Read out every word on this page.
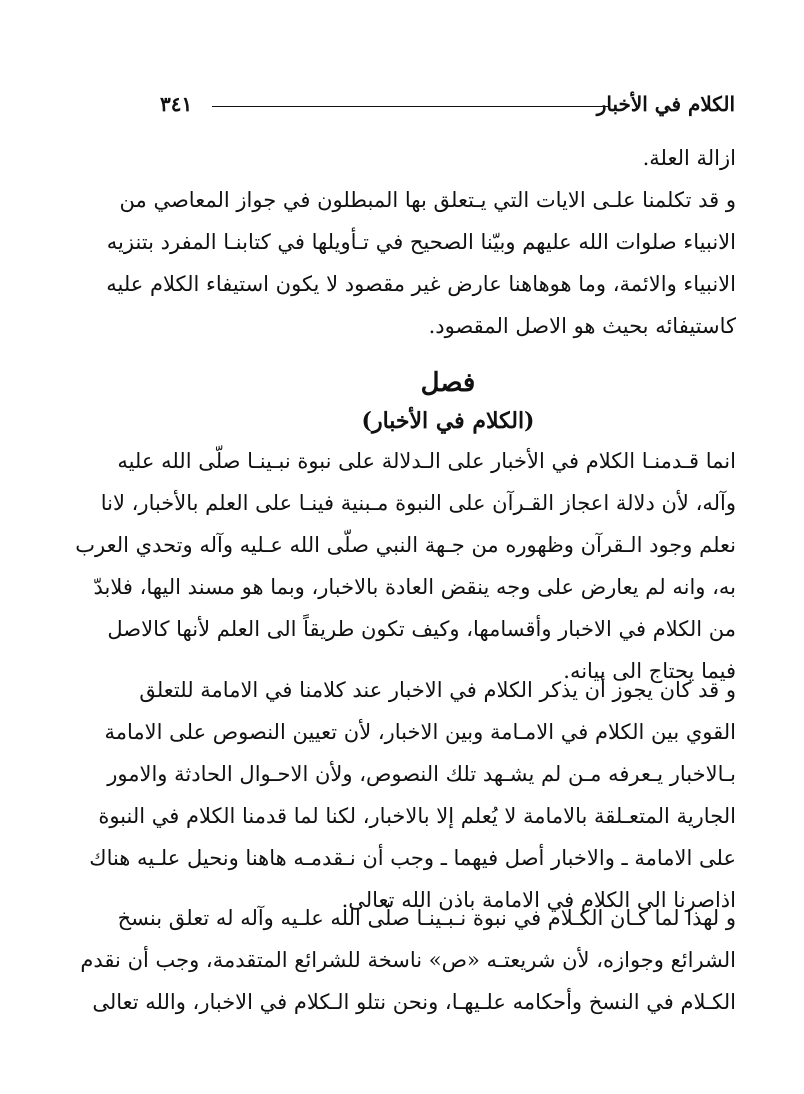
٣٤١	الكلام في الأخبار
ازالة العلة.
و قد تكلمنا علـى الايات التي يـتعلق بها المبطلون في جواز المعاصي من
الانبياء صلوات الله عليهم وبيّنا الصحيح في تـأويلها في كتابنـا المفرد بتنزيه
الانبياء والائمة، وما هوهاهنا عارض غير مقصود لا يكون استيفاء الكلام عليه
كاستيفائه بحيث هو الاصل المقصود.
فصل
(الكلام في الأخبار)
انما قـدمنـا الكلام في الأخبار على الـدلالة على نبوة نبـينـا صلّى الله عليه
وآله، لأن دلالة اعجاز القـرآن على النبوة مـبنية فينـا على العلم بالأخبار، لانا
نعلم وجود الـقرآن وظهوره من جـهة النبي صلّى الله عـليه وآله وتحدي العرب
به، وانه لم يعارض على وجه ينقض العادة بالاخبار، وبما هو مسند اليها، فلابدّ
من الكلام في الاخبار وأقسامها، وكيف تكون طريقاً الى العلم لأنها كالاصل
فيما يحتاج الى بيانه.
و قد كان يجوز أن يذكر الكلام في الاخبار عند كلامنا في الامامة للتعلق
القوي بين الكلام في الامـامة وبين الاخبار، لأن تعيين النصوص على الامامة
بـالاخبار يـعرفه مـن لم يشـهد تلك النصوص، ولأن الاحـوال الحادثة والامور
الجارية المتعـلقة بالامامة لا يُعلم إلا بالاخبار، لكنا لما قدمنا الكلام في النبوة
على الامامة ـ والاخبار أصل فيهما ـ وجب أن نـقدمـه هاهنا ونحيل علـيه هناك
اذاصرنا الى الكلام في الامامة باذن الله تعالى.
و لهذا لما كـان الكـلام في نبوة نـبـينـا صلّى الله علـيه وآله له تعلق بنسخ
الشرائع وجوازه، لأن شريعتـه «ص» ناسخة للشرائع المتقدمة، وجب أن نقدم
الكـلام في النسخ وأحكامه علـيهـا، ونحن نتلو الـكلام في الاخبار، والله تعالى
